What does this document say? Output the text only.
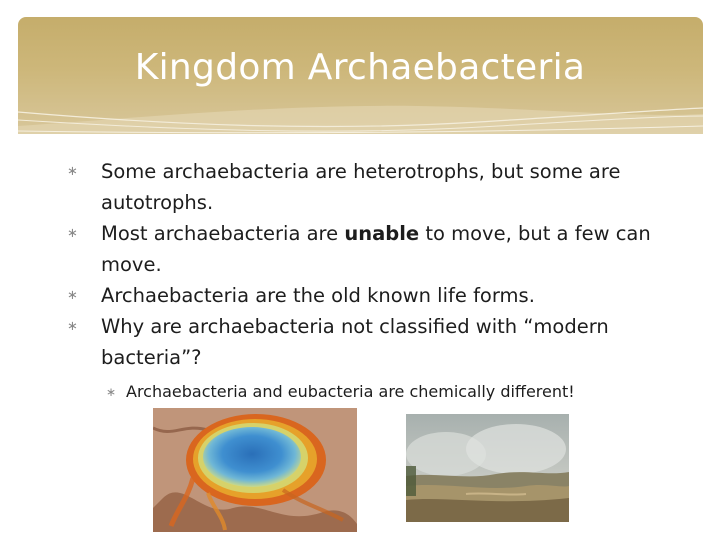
Kingdom Archaebacteria
∗	Some archaebacteria are heterotrophs, but some are autotrophs.
∗	Most archaebacteria are unable to move, but a few can move.
∗	Archaebacteria are the old known life forms.
∗	Why are archaebacteria not classified with “modern bacteria”?
∗ Archaebacteria and eubacteria are chemically different!
